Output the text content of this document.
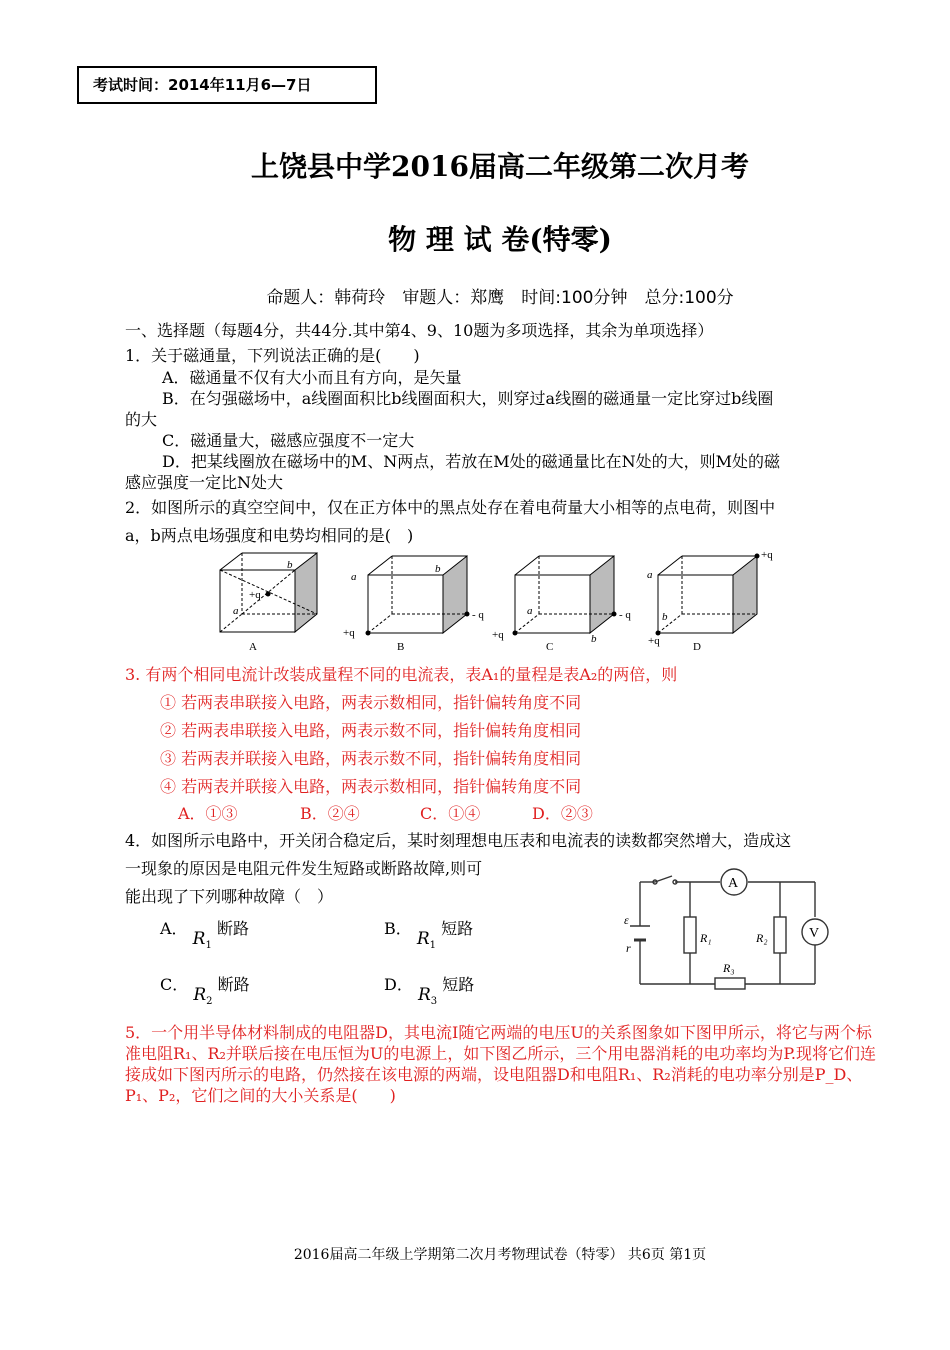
考试时间：2014年11月6—7日
上饶县中学2016届高二年级第二次月考
物 理 试 卷(特零)
命题人：韩荷玲　审题人：郑鹰　时间:100分钟　总分:100分
一、选择题（每题4分，共44分.其中第4、9、10题为多项选择，其余为单项选择）
1．关于磁通量，下列说法正确的是(　　)
A．磁通量不仅有大小而且有方向，是矢量
B．在匀强磁场中，a线圈面积比b线圈面积大，则穿过a线圈的磁通量一定比穿过b线圈
的大
C．磁通量大，磁感应强度不一定大
D．把某线圈放在磁场中的M、N两点，若放在M处的磁通量比在N处的大，则M处的磁
感应强度一定比N处大
2．如图所示的真空空间中，仅在正方体中的黑点处存在着电荷量大小相等的点电荷，则图中
a，b两点电场强度和电势均相同的是(　)
+q
a
b
A
a
b
+q
- q
B
a
b
+q
- q
C
a
b
+q
+q
D
3. 有两个相同电流计改装成量程不同的电流表，表A₁的量程是表A₂的两倍，则
① 若两表串联接入电路，两表示数相同，指针偏转角度不同
② 若两表串联接入电路，两表示数不同，指针偏转角度相同
③ 若两表并联接入电路，两表示数不同，指针偏转角度相同
④ 若两表并联接入电路，两表示数相同，指针偏转角度不同
A．①③	B．②④	C．①④	D．②③
4．如图所示电路中，开关闭合稳定后，某时刻理想电压表和电流表的读数都突然增大，造成这
一现象的原因是电阻元件发生短路或断路故障,则可
能出现了下列哪种故障（　）
A． $R_1$ 断路	B． $R_1$ 短路
C． $R_2$ 断路	D． $R_3$ 短路
A
V
ε
r
R₁	R₂
R₃
5．一个用半导体材料制成的电阻器D，其电流I随它两端的电压U的关系图象如下图甲所示，将它与两个标准电阻R₁、R₂并联后接在电压恒为U的电源上，如下图乙所示，三个用电器消耗的电功率均为P.现将它们连接成如下图丙所示的电路，仍然接在该电源的两端，设电阻器D和电阻R₁、R₂消耗的电功率分别是P_D、P₁、P₂，它们之间的大小关系是(　　)
2016届高二年级上学期第二次月考物理试卷（特零） 共6页 第1页
